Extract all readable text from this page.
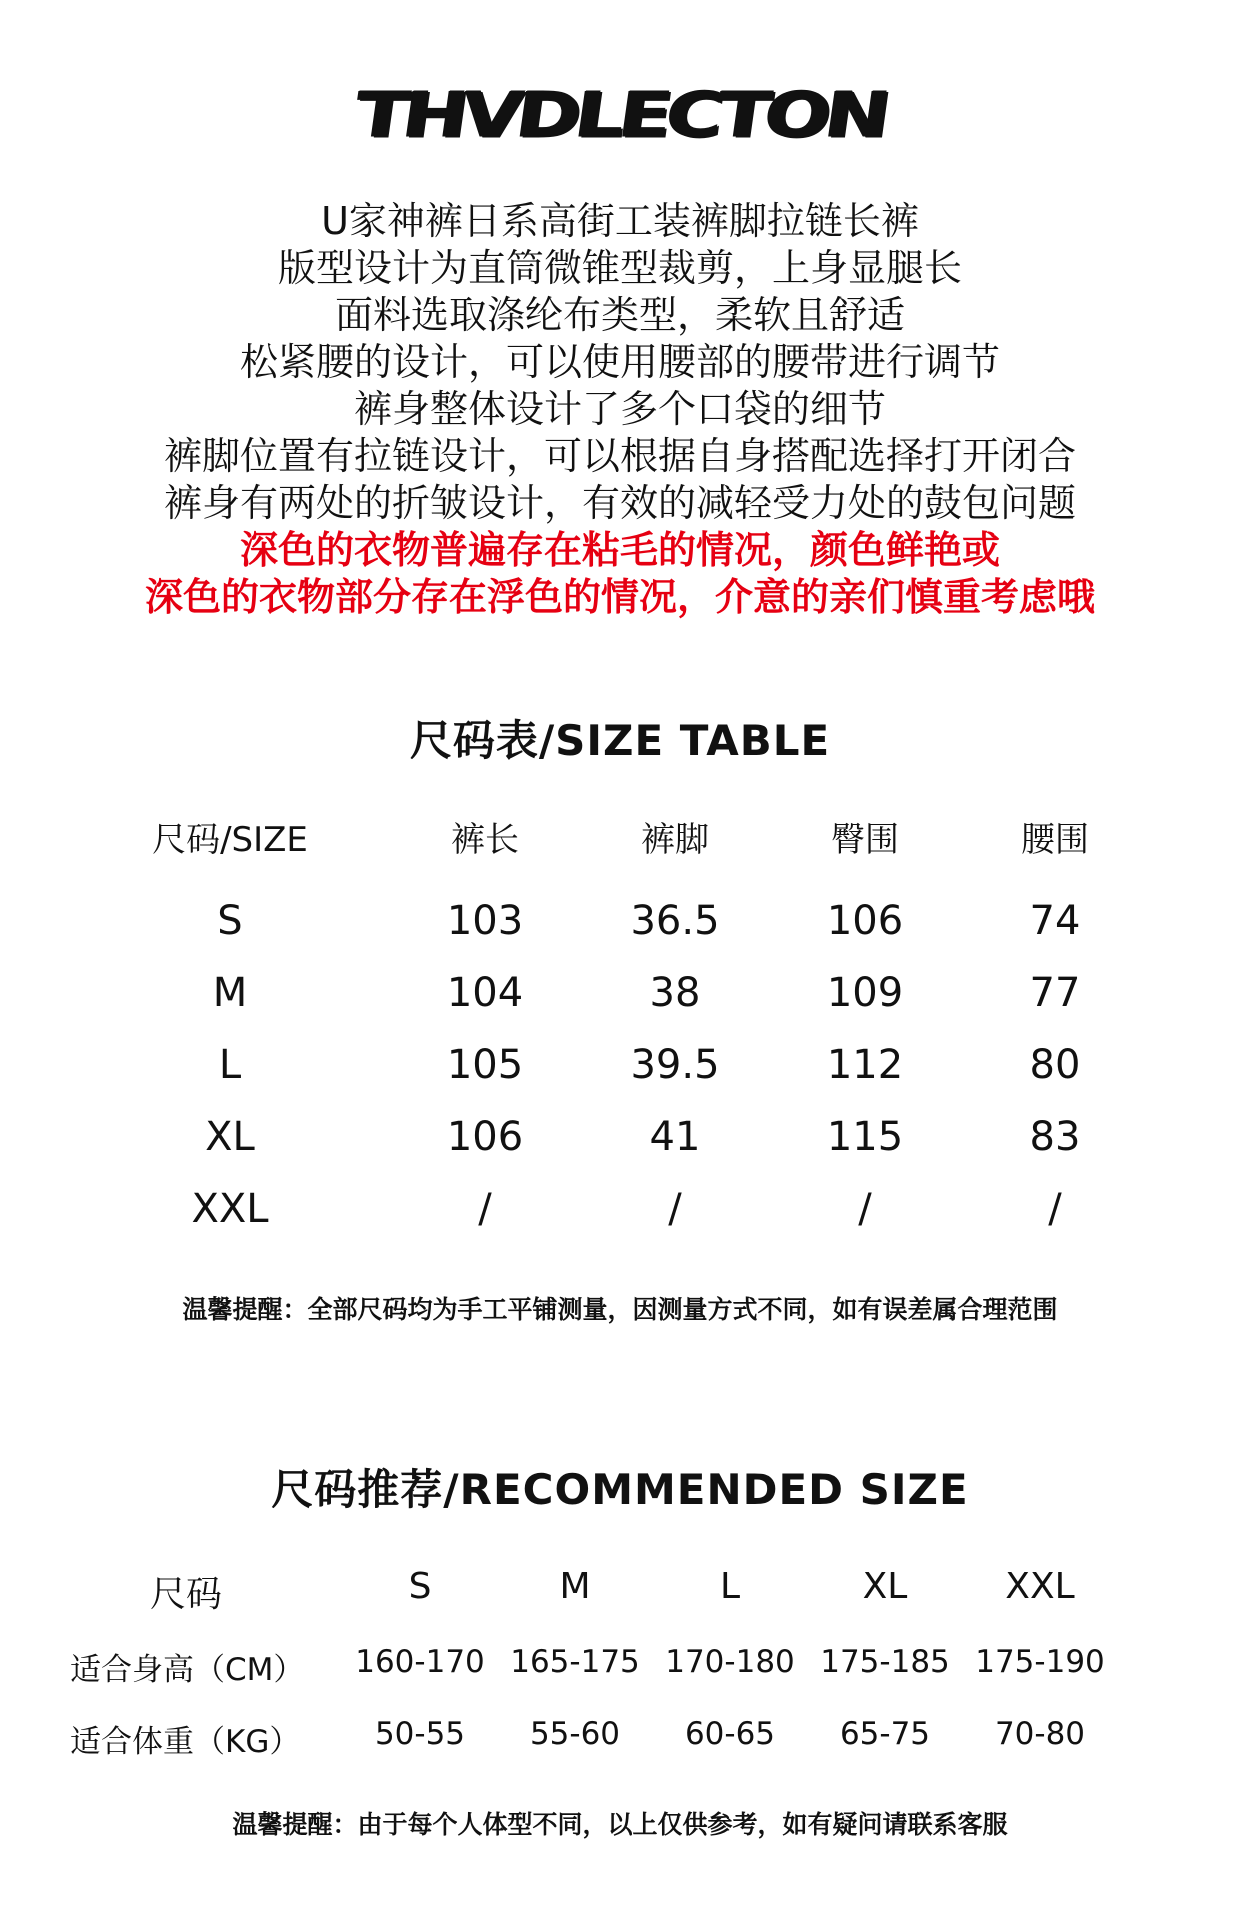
THVDLECTON
U家神裤日系高街工装裤脚拉链长裤
版型设计为直筒微锥型裁剪，上身显腿长
面料选取涤纶布类型，柔软且舒适
松紧腰的设计，可以使用腰部的腰带进行调节
裤身整体设计了多个口袋的细节
裤脚位置有拉链设计，可以根据自身搭配选择打开闭合
裤身有两处的折皱设计，有效的减轻受力处的鼓包问题
深色的衣物普遍存在粘毛的情况，颜色鲜艳或
深色的衣物部分存在浮色的情况，介意的亲们慎重考虑哦
尺码表/SIZE TABLE
尺码/SIZE	裤长	裤脚	臀围	腰围
S	103	36.5	106	74
M	104	38	109	77
L	105	39.5	112	80
XL	106	41	115	83
XXL	/	/	/	/
温馨提醒：全部尺码均为手工平铺测量，因测量方式不同，如有误差属合理范围
尺码推荐/RECOMMENDED SIZE
尺码	S	M	L	XL	XXL
适合身高（CM）	160-170 165-175 170-180 175-185 175-190
适合体重（KG）	50-55	55-60	60-65	65-75	70-80
温馨提醒：由于每个人体型不同，以上仅供参考，如有疑问请联系客服
